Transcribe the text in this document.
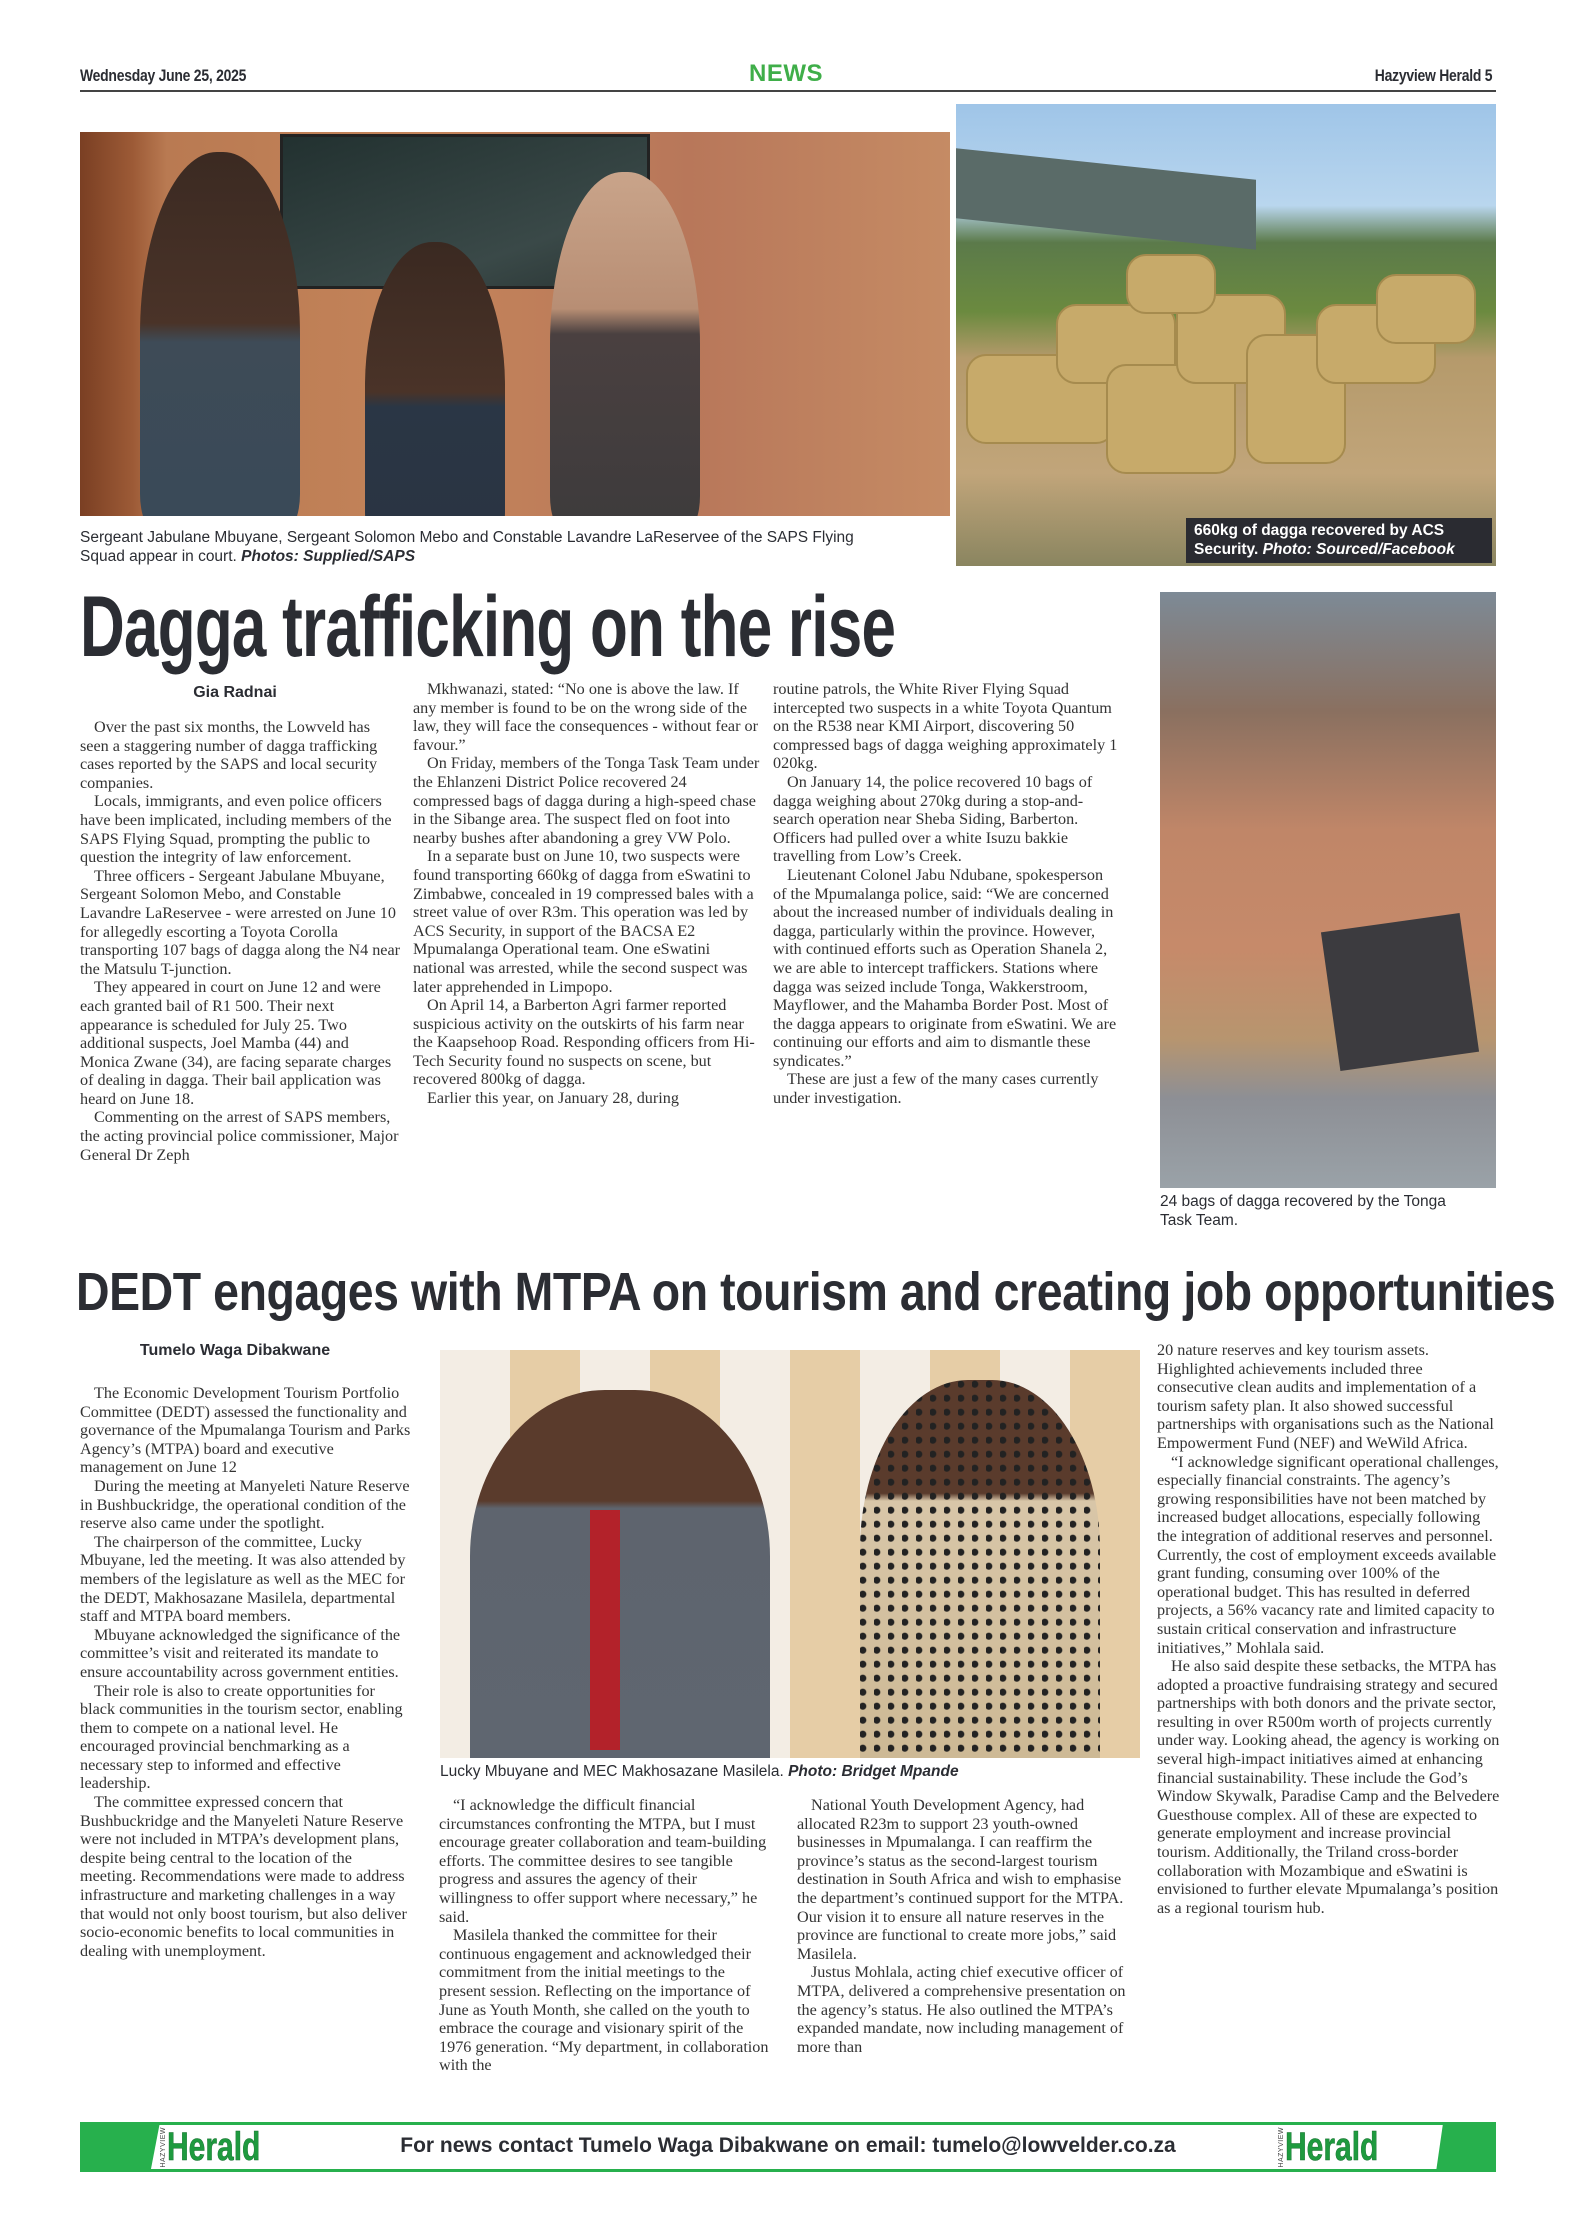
Wednesday June 25, 2025	NEWS	Hazyview Herald 5
660kg of dagga recovered by ACS Security. Photo: Sourced/Facebook
Sergeant Jabulane Mbuyane, Sergeant Solomon Mebo and Constable Lavandre LaReservee of the SAPS Flying Squad appear in court. Photos: Supplied/SAPS
24 bags of dagga recovered by the Tonga Task Team.
Dagga trafficking on the rise
Gia Radnai

Over the past six months, the Lowveld has seen a staggering number of dagga trafficking cases reported by the SAPS and local security companies.

Locals, immigrants, and even police officers have been implicated, including members of the SAPS Flying Squad, prompting the public to question the integrity of law enforcement.

Three officers - Sergeant Jabulane Mbuyane, Sergeant Solomon Mebo, and Constable Lavandre LaReservee - were arrested on June 10 for allegedly escorting a Toyota Corolla transporting 107 bags of dagga along the N4 near the Matsulu T-junction.

They appeared in court on June 12 and were each granted bail of R1 500. Their next appearance is scheduled for July 25. Two additional suspects, Joel Mamba (44) and Monica Zwane (34), are facing separate charges of dealing in dagga. Their bail application was heard on June 18.

Commenting on the arrest of SAPS members, the acting provincial police commissioner, Major General Dr Zeph

Mkhwanazi, stated: “No one is above the law. If any member is found to be on the wrong side of the law, they will face the consequences - without fear or favour.”

On Friday, members of the Tonga Task Team under the Ehlanzeni District Police recovered 24 compressed bags of dagga during a high-speed chase in the Sibange area. The suspect fled on foot into nearby bushes after abandoning a grey VW Polo.

In a separate bust on June 10, two suspects were found transporting 660kg of dagga from eSwatini to Zimbabwe, concealed in 19 compressed bales with a street value of over R3m. This operation was led by ACS Security, in support of the BACSA E2 Mpumalanga Operational team. One eSwatini national was arrested, while the second suspect was later apprehended in Limpopo.

On April 14, a Barberton Agri farmer reported suspicious activity on the outskirts of his farm near the Kaapsehoop Road. Responding officers from Hi-Tech Security found no suspects on scene, but recovered 800kg of dagga.

Earlier this year, on January 28, during

routine patrols, the White River Flying Squad intercepted two suspects in a white Toyota Quantum on the R538 near KMI Airport, discovering 50 compressed bags of dagga weighing approximately 1 020kg.

On January 14, the police recovered 10 bags of dagga weighing about 270kg during a stop-and-search operation near Sheba Siding, Barberton. Officers had pulled over a white Isuzu bakkie travelling from Low’s Creek.

Lieutenant Colonel Jabu Ndubane, spokesperson of the Mpumalanga police, said: “We are concerned about the increased number of individuals dealing in dagga, particularly within the province. However, with continued efforts such as Operation Shanela 2, we are able to intercept traffickers. Stations where dagga was seized include Tonga, Wakkerstroom, Mayflower, and the Mahamba Border Post. Most of the dagga appears to originate from eSwatini. We are continuing our efforts and aim to dismantle these syndicates.”

These are just a few of the many cases currently under investigation.

DEDT engages with MTPA on tourism and creating job opportunities
Tumelo Waga Dibakwane
Lucky Mbuyane and MEC Makhosazane Masilela. Photo: Bridget Mpande

The Economic Development Tourism Portfolio Committee (DEDT) assessed the functionality and governance of the Mpumalanga Tourism and Parks Agency’s (MTPA) board and executive management on June 12

During the meeting at Manyeleti Nature Reserve in Bushbuckridge, the operational condition of the reserve also came under the spotlight.

The chairperson of the committee, Lucky Mbuyane, led the meeting. It was also attended by members of the legislature as well as the MEC for the DEDT, Makhosazane Masilela, departmental staff and MTPA board members.

Mbuyane acknowledged the significance of the committee’s visit and reiterated its mandate to ensure accountability across government entities.

Their role is also to create opportunities for black communities in the tourism sector, enabling them to compete on a national level. He encouraged provincial benchmarking as a necessary step to informed and effective leadership.

The committee expressed concern that Bushbuckridge and the Manyeleti Nature Reserve were not included in MTPA’s development plans, despite being central to the location of the meeting. Recommendations were made to address infrastructure and marketing challenges in a way that would not only boost tourism, but also deliver socio-economic benefits to local communities in dealing with unemployment.

“I acknowledge the difficult financial circumstances confronting the MTPA, but I must encourage greater collaboration and team-building efforts. The committee desires to see tangible progress and assures the agency of their willingness to offer support where necessary,” he said.

Masilela thanked the committee for their continuous engagement and acknowledged their commitment from the initial meetings to the present session. Reflecting on the importance of June as Youth Month, she called on the youth to embrace the courage and visionary spirit of the 1976 generation. “My department, in collaboration with the

National Youth Development Agency, had allocated R23m to support 23 youth-owned businesses in Mpumalanga. I can reaffirm the province’s status as the second-largest tourism destination in South Africa and wish to emphasise the department’s continued support for the MTPA. Our vision it to ensure all nature reserves in the province are functional to create more jobs,” said Masilela.

Justus Mohlala, acting chief executive officer of MTPA, delivered a comprehensive presentation on the agency’s status. He also outlined the MTPA’s expanded mandate, now including management of more than

20 nature reserves and key tourism assets. Highlighted achievements included three consecutive clean audits and implementation of a tourism safety plan. It also showed successful partnerships with organisations such as the National Empowerment Fund (NEF) and WeWild Africa.

“I acknowledge significant operational challenges, especially financial constraints. The agency’s growing responsibilities have not been matched by increased budget allocations, especially following the integration of additional reserves and personnel. Currently, the cost of employment exceeds available grant funding, consuming over 100% of the operational budget. This has resulted in deferred projects, a 56% vacancy rate and limited capacity to sustain critical conservation and infrastructure initiatives,” Mohlala said.

He also said despite these setbacks, the MTPA has adopted a proactive fundraising strategy and secured partnerships with both donors and the private sector, resulting in over R500m worth of projects currently under way. Looking ahead, the agency is working on several high-impact initiatives aimed at enhancing financial sustainability. These include the God’s Window Skywalk, Paradise Camp and the Belvedere Guesthouse complex. All of these are expected to generate employment and increase provincial tourism. Additionally, the Triland cross-border collaboration with Mozambique and eSwatini is envisioned to further elevate Mpumalanga’s position as a regional tourism hub.

HAZYVIEW Herald	For news contact Tumelo Waga Dibakwane on email: tumelo@lowvelder.co.za	HAZYVIEW Herald
